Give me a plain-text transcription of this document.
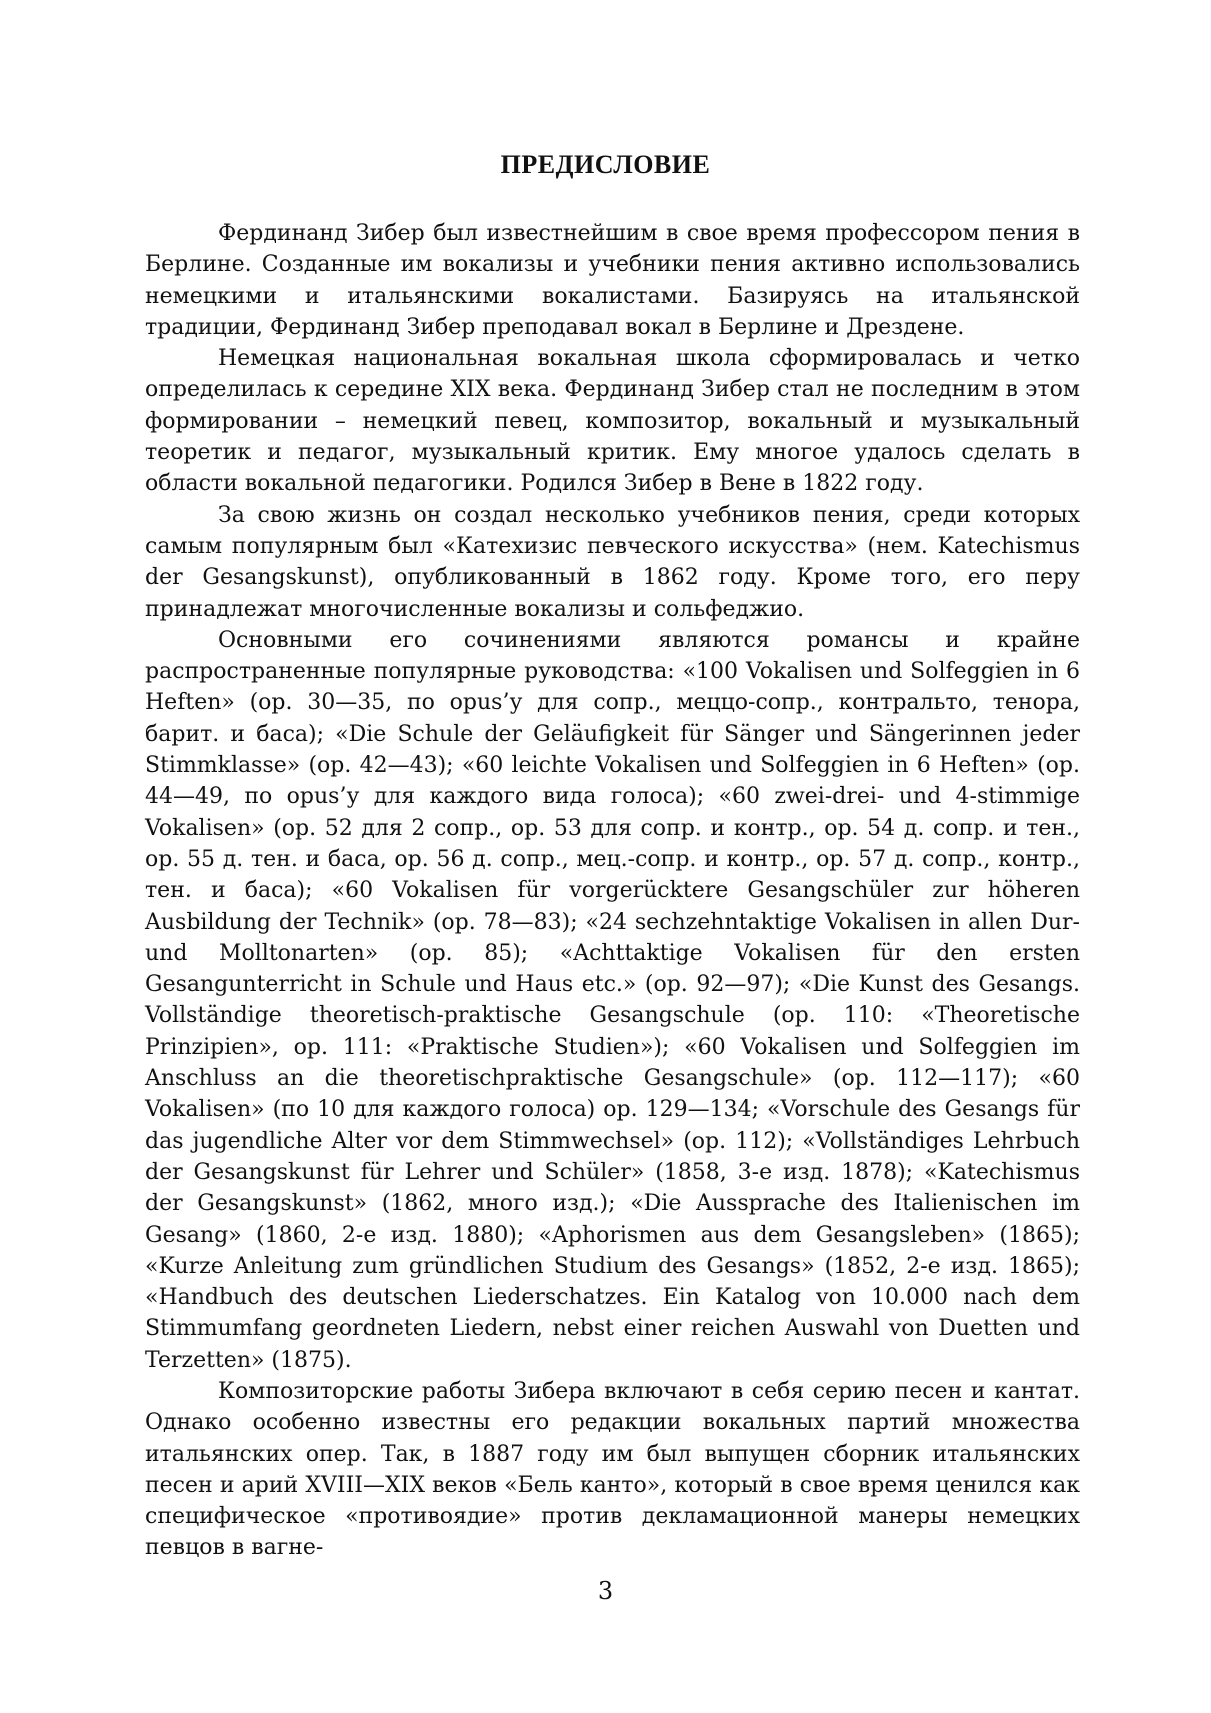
ПРЕДИСЛОВИЕ

Фердинанд Зибер был известнейшим в свое время профессором пения в Берлине. Созданные им вокализы и учебники пения активно использовались немецкими и итальянскими вокалистами. Базируясь на итальянской традиции, Фердинанд Зибер преподавал вокал в Берлине и Дрездене.

Немецкая национальная вокальная школа сформировалась и четко определилась к середине XIX века. Фердинанд Зибер стал не последним в этом формировании – немецкий певец, композитор, вокальный и музыкальный теоретик и педагог, музыкальный критик. Ему многое удалось сделать в области вокальной педагогики. Родился Зибер в Вене в 1822 году.

За свою жизнь он создал несколько учебников пения, среди которых самым популярным был «Катехизис певческого искусства» (нем. Katechismus der Gesangskunst), опубликованный в 1862 году. Кроме того, его перу принадлежат многочисленные вокализы и сольфеджио.

Основными его сочинениями являются романсы и крайне распространенные популярные руководства: «100 Vokalisen und Solfeggien in 6 Heften» (op. 30—35, по opus’у для сопр., меццо-сопр., контральто, тенора, барит. и баса); «Die Schule der Geläufigkeit für Sänger und Sängerinnen jeder Stimmklasse» (op. 42—43); «60 leichte Vokalisen und Solfeggien in 6 Heften» (op. 44—49, по opus’у для каждого вида голоса); «60 zwei-drei- und 4-stimmige Vokalisen» (op. 52 для 2 сопр., op. 53 для сопр. и контр., op. 54 д. сопр. и тен., op. 55 д. тен. и баса, op. 56 д. сопр., мец.-сопр. и контр., op. 57 д. сопр., контр., тен. и баса); «60 Vokalisen für vorgerücktere Gesangschüler zur höheren Ausbildung der Technik» (op. 78—83); «24 sechzehntaktige Vokalisen in allen Dur- und Molltonarten» (op. 85); «Achttaktige Vokalisen für den ersten Gesangunterricht in Schule und Haus etc.» (op. 92—97); «Die Kunst des Gesangs. Vollständige theoretisch-praktische Gesangschule (op. 110: «Theoretische Prinzipien», op. 111: «Praktische Studien»); «60 Vokalisen und Solfeggien im Anschluss an die theoretischpraktische Gesangschule» (op. 112—117); «60 Vokalisen» (по 10 для каждого голоса) op. 129—134; «Vorschule des Gesangs für das jugendliche Alter vor dem Stimmwechsel» (op. 112); «Vollständiges Lehrbuch der Gesangskunst für Lehrer und Schüler» (1858, 3-е изд. 1878); «Katechismus der Gesangskunst» (1862, много изд.); «Die Aussprache des Italienischen im Gesang» (1860, 2-е изд. 1880); «Aphorismen aus dem Gesangsleben» (1865); «Kurze Anleitung zum gründlichen Studium des Gesangs» (1852, 2-е изд. 1865); «Handbuch des deutschen Liederschatzes. Ein Katalog von 10.000 nach dem Stimmumfang geordneten Liedern, nebst einer reichen Auswahl von Duetten und Terzetten» (1875).

Композиторские работы Зибера включают в себя серию песен и кантат. Однако особенно известны его редакции вокальных партий множества итальянских опер. Так, в 1887 году им был выпущен сборник итальянских песен и арий XVIII—XIX веков «Бель канто», который в свое время ценился как специфическое «противоядие» против декламационной манеры немецких певцов в вагне-

3
